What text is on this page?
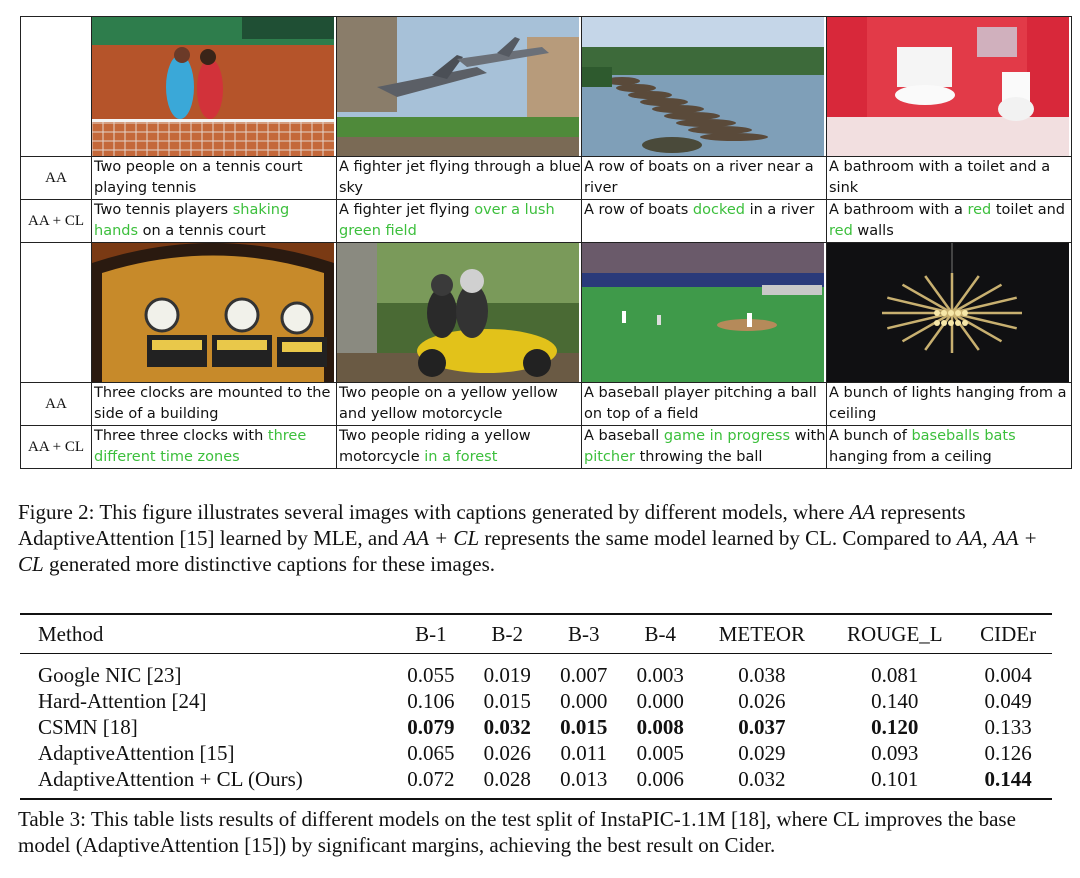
AA	Two people on a tennis court playing tennis	A fighter jet flying through a blue sky	A row of boats on a river near a river	A bathroom with a toilet and a sink
AA + CL	Two tennis players shaking hands on a tennis court	A fighter jet flying over a lush green field	A row of boats docked in a river	A bathroom with a red toilet and red walls

AA	Three clocks are mounted to the side of a building	Two people on a yellow yellow and yellow motorcycle	A baseball player pitching a ball on top of a field	A bunch of lights hanging from a ceiling
AA + CL	Three three clocks with three different time zones	Two people riding a yellow motorcycle in a forest	A baseball game in progress with pitcher throwing the ball	A bunch of baseballs bats hanging from a ceiling
Figure 2: This figure illustrates several images with captions generated by different models, where AA represents AdaptiveAttention [15] learned by MLE, and AA + CL represents the same model learned by CL. Compared to AA, AA + CL generated more distinctive captions for these images.
Method	B-1	B-2	B-3	B-4	METEOR	ROUGE_L	CIDEr
Google NIC [23]	0.055	0.019	0.007	0.003	0.038	0.081	0.004
Hard-Attention [24]	0.106	0.015	0.000	0.000	0.026	0.140	0.049
CSMN [18]	0.079	0.032	0.015	0.008	0.037	0.120	0.133
AdaptiveAttention [15]	0.065	0.026	0.011	0.005	0.029	0.093	0.126
AdaptiveAttention + CL (Ours)	0.072	0.028	0.013	0.006	0.032	0.101	0.144
Table 3: This table lists results of different models on the test split of InstaPIC-1.1M [18], where CL improves the base model (AdaptiveAttention [15]) by significant margins, achieving the best result on Cider.
